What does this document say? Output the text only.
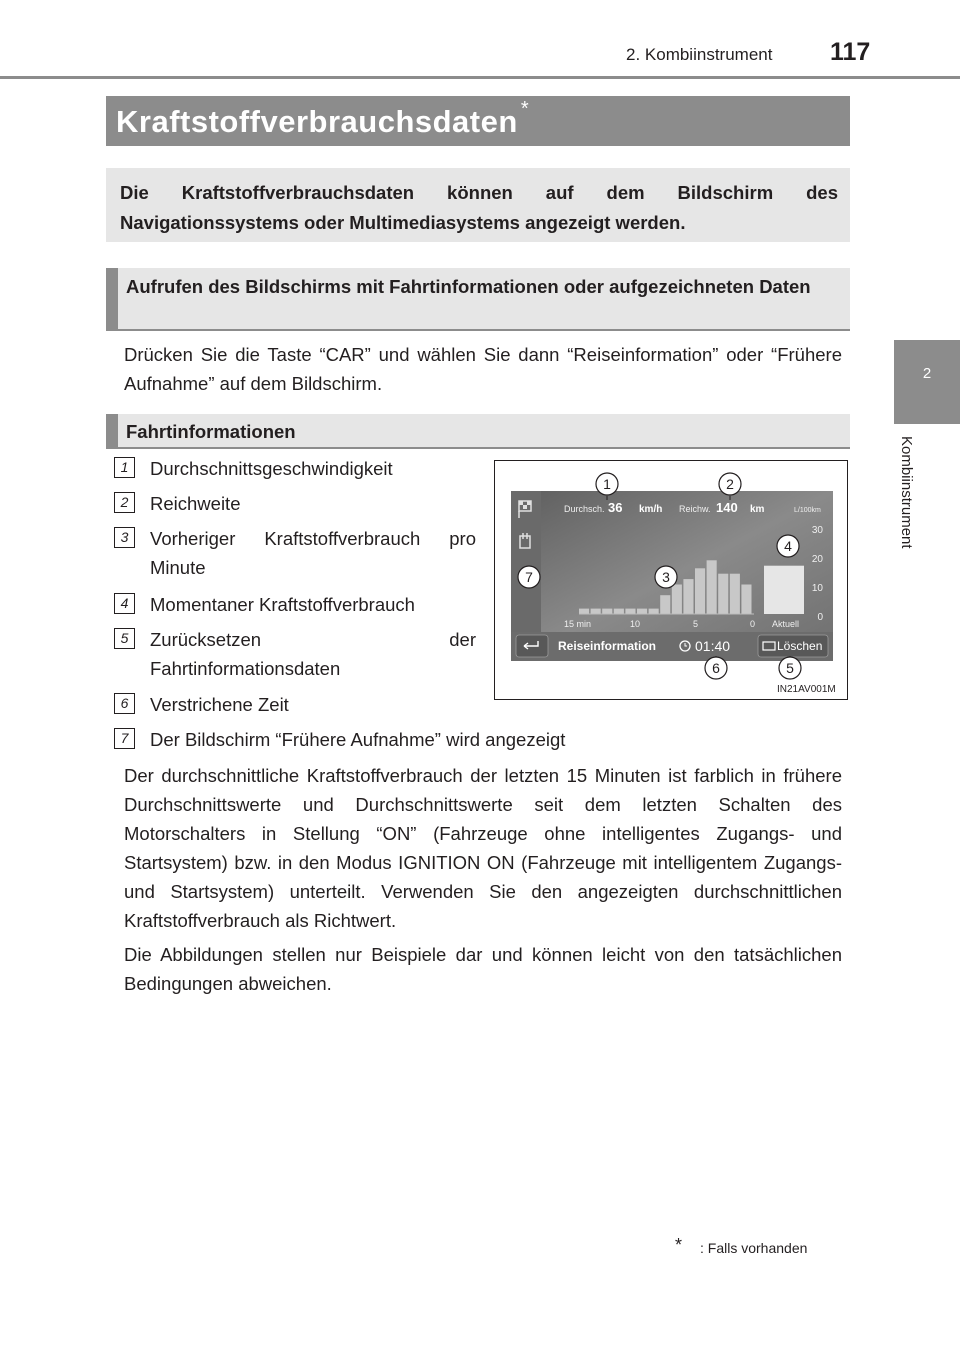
2. Kombiinstrument 117
2
Kombiinstrument
Kraftstoffverbrauchsdaten *
Die Kraftstoffverbrauchsdaten können auf dem Bildschirm des Navigationssystems oder Multimediasystems angezeigt werden.
Aufrufen des Bildschirms mit Fahrtinformationen oder aufgezeichneten Daten
Drücken Sie die Taste “CAR” und wählen Sie dann “Reiseinformation” oder “Frühere Aufnahme” auf dem Bildschirm.
Fahrtinformationen
1	Durchschnittsgeschwindigkeit
2	Reichweite
3	Vorheriger Kraftstoffverbrauch pro Minute
4	Momentaner Kraftstoffverbrauch
5	Zurücksetzen der Fahrtinformationsdaten
6	Verstrichene Zeit
7	Der Bildschirm “Frühere Aufnahme” wird angezeigt
Der durchschnittliche Kraftstoffverbrauch der letzten 15 Minuten ist farblich in frühere Durchschnittswerte und Durchschnittswerte seit dem letzten Schalten des Motorschalters in Stellung “ON” (Fahrzeuge ohne intelligentes Zugangs- und Startsystem) bzw. in den Modus IGNITION ON (Fahrzeuge mit intelligentem Zugangs- und Startsystem) unterteilt. Verwenden Sie den angezeigten durchschnittlichen Kraftstoffverbrauch als Richtwert.
Die Abbildungen stellen nur Beispiele dar und können leicht von den tatsächlichen Bedingungen abweichen.
Durchsch. 36 km/h Reichw. 140 km	L/100km
30
20
10
0
15 min	10	5	0 Aktuell
Reiseinformation	01:40	Löschen
1	2
3
4
5
6
7
IN21AV001M
* : Falls vorhanden
